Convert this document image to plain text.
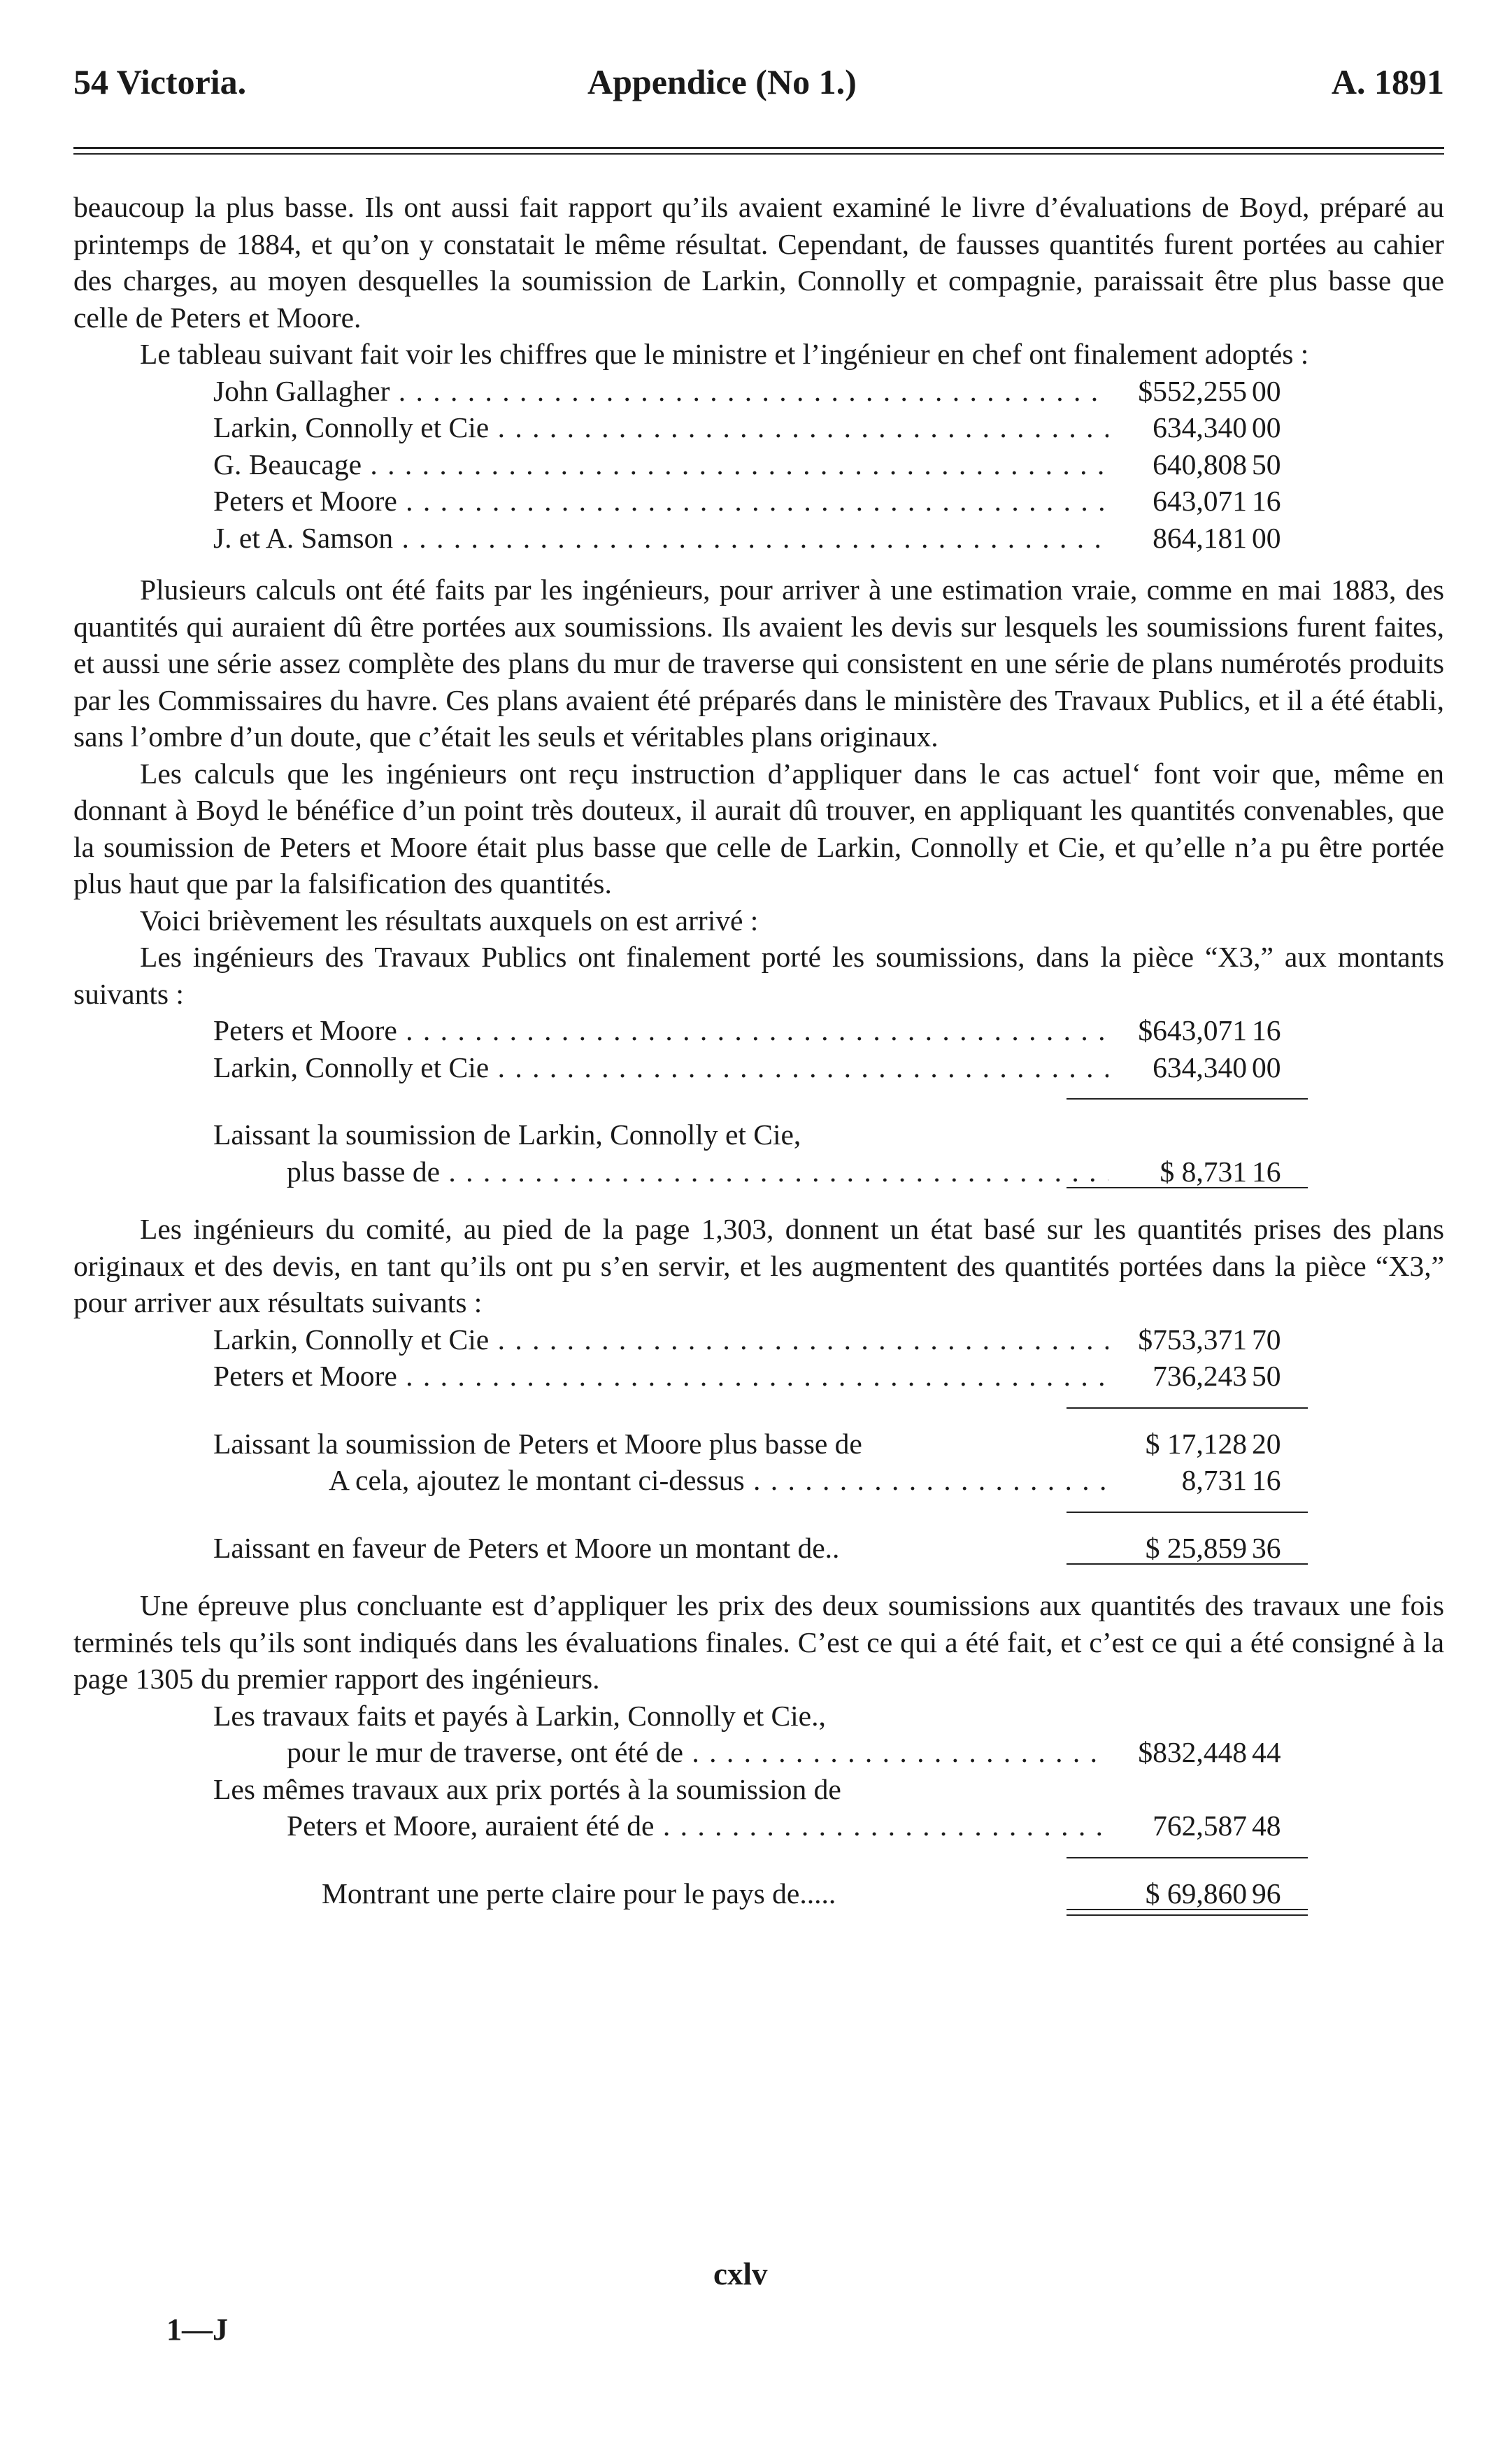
54 Victoria.	Appendice (No 1.)	A. 1891

beaucoup la plus basse. Ils ont aussi fait rapport qu’ils avaient examiné le livre d’évaluations de Boyd, préparé au printemps de 1884, et qu’on y constatait le même résultat. Cependant, de fausses quantités furent portées au cahier des charges, au moyen desquelles la soumission de Larkin, Connolly et compagnie, paraissait être plus basse que celle de Peters et Moore.

Le tableau suivant fait voir les chiffres que le ministre et l’ingénieur en chef ont finalement adoptés :

John Gallagher . . .	$552,255 00
Larkin, Connolly et Cie . . .	634,340 00
G. Beaucage . . .	640,808 50
Peters et Moore . . .	643,071 16
J. et A. Samson . . .	864,181 00

Plusieurs calculs ont été faits par les ingénieurs, pour arriver à une estimation vraie, comme en mai 1883, des quantités qui auraient dû être portées aux soumissions. Ils avaient les devis sur lesquels les soumissions furent faites, et aussi une série assez complète des plans du mur de traverse qui consistent en une série de plans numérotés produits par les Commissaires du havre. Ces plans avaient été préparés dans le ministère des Travaux Publics, et il a été établi, sans l’ombre d’un doute, que c’était les seuls et véritables plans originaux.

Les calculs que les ingénieurs ont reçu instruction d’appliquer dans le cas actuel‘ font voir que, même en donnant à Boyd le bénéfice d’un point très douteux, il aurait dû trouver, en appliquant les quantités convenables, que la soumission de Peters et Moore était plus basse que celle de Larkin, Connolly et Cie, et qu’elle n’a pu être portée plus haut que par la falsification des quantités.

Voici brièvement les résultats auxquels on est arrivé :

Les ingénieurs des Travaux Publics ont finalement porté les soumissions, dans la pièce “X3,” aux montants suivants :

Peters et Moore . . .	$643,071 16
Larkin, Connolly et Cie . . .	634,340 00
Laissant la soumission de Larkin, Connolly et Cie,
plus basse de . . .	$ 8,731 16

Les ingénieurs du comité, au pied de la page 1,303, donnent un état basé sur les quantités prises des plans originaux et des devis, en tant qu’ils ont pu s’en servir, et les augmentent des quantités portées dans la pièce “X3,” pour arriver aux résultats suivants :

Larkin, Connolly et Cie . . .	$753,371 70
Peters et Moore . . .	736,243 50
Laissant la soumission de Peters et Moore plus basse de	$ 17,128 20
A cela, ajoutez le montant ci-dessus . . .	8,731 16
Laissant en faveur de Peters et Moore un montant de..	$ 25,859 36

Une épreuve plus concluante est d’appliquer les prix des deux soumissions aux quantités des travaux une fois terminés tels qu’ils sont indiqués dans les évaluations finales. C’est ce qui a été fait, et c’est ce qui a été consigné à la page 1305 du premier rapport des ingénieurs.

Les travaux faits et payés à Larkin, Connolly et Cie.,
pour le mur de traverse, ont été de . . .	$832,448 44
Les mêmes travaux aux prix portés à la soumission de
Peters et Moore, auraient été de . . .	762,587 48
Montrant une perte claire pour le pays de.....	$ 69,860 96
cxlv
1—J
